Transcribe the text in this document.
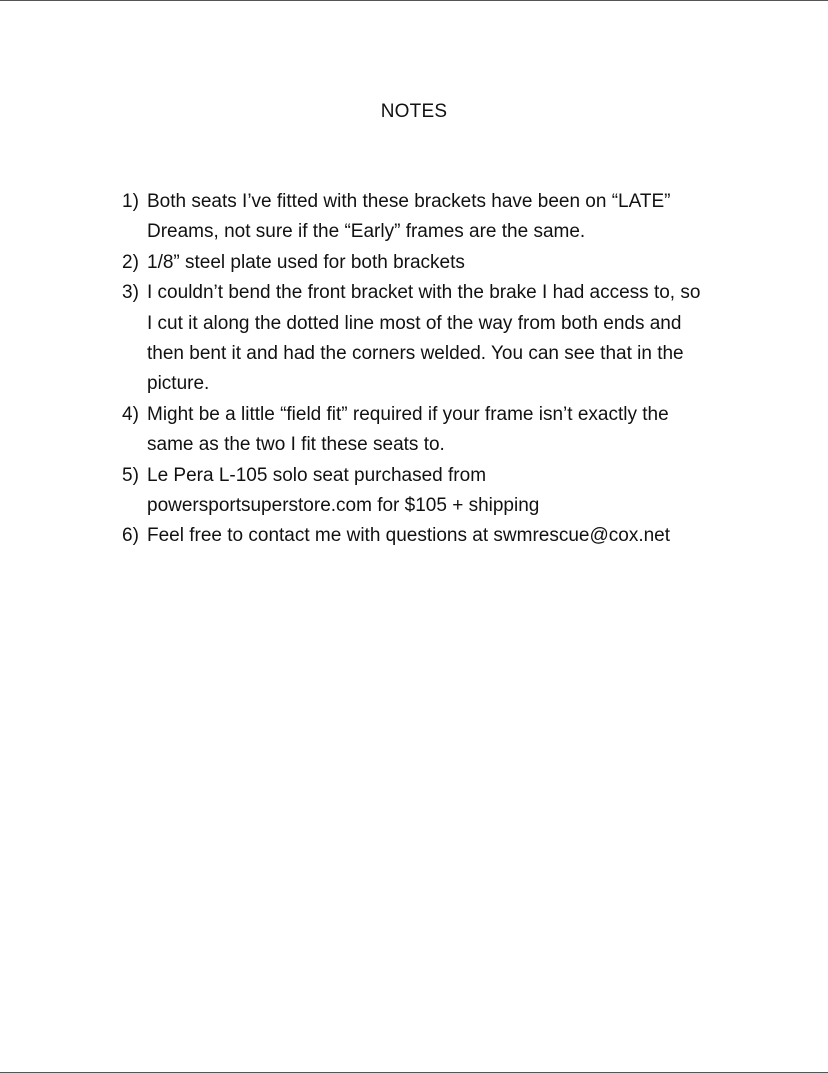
NOTES
1) Both seats I’ve fitted with these brackets have been on “LATE”
Dreams, not sure if the “Early” frames are the same.
2) 1/8” steel plate used for both brackets
3) I couldn’t bend the front bracket with the brake I had access to, so
I cut it along the dotted line most of the way from both ends and
then bent it and had the corners welded. You can see that in the
picture.
4) Might be a little “field fit” required if your frame isn’t exactly the
same as the two I fit these seats to.
5) Le Pera L-105 solo seat purchased from
powersportsuperstore.com for $105 + shipping
6) Feel free to contact me with questions at swmrescue@cox.net
